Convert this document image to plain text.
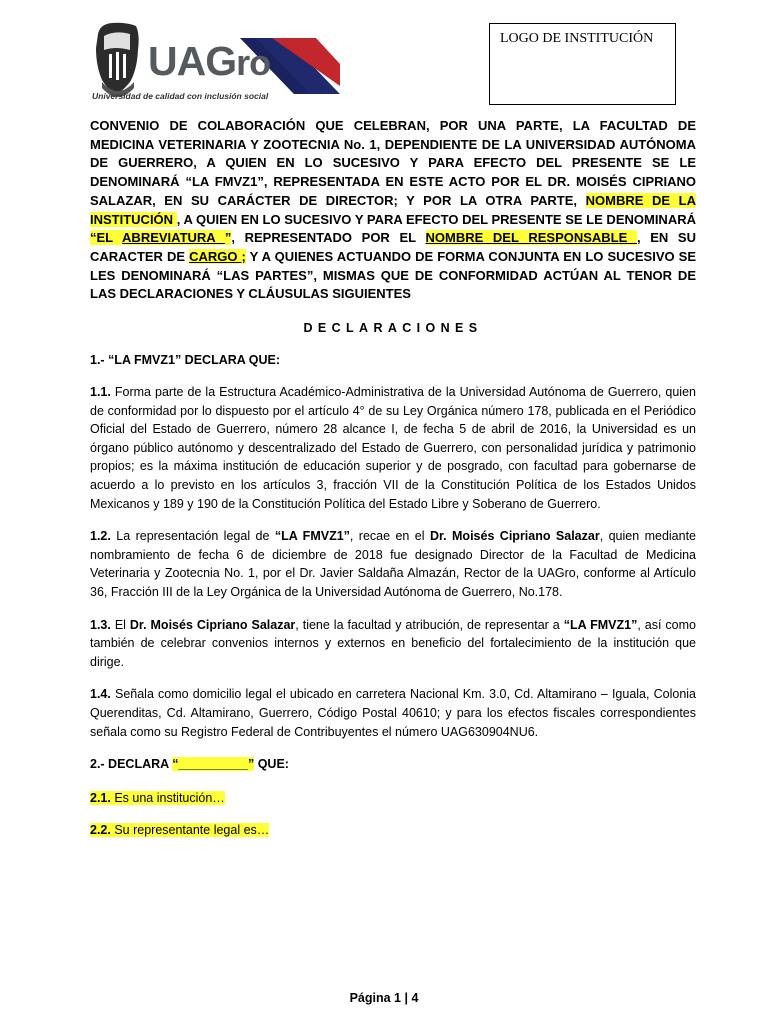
UAGro
Universidad de calidad con inclusión social
LOGO DE INSTITUCIÓN

CONVENIO DE COLABORACIÓN QUE CELEBRAN, POR UNA PARTE, LA FACULTAD DE MEDICINA VETERINARIA Y ZOOTECNIA No. 1, DEPENDIENTE DE LA UNIVERSIDAD AUTÓNOMA DE GUERRERO, A QUIEN EN LO SUCESIVO Y PARA EFECTO DEL PRESENTE SE LE DENOMINARÁ “LA FMVZ1”, REPRESENTADA EN ESTE ACTO POR EL DR. MOISÉS CIPRIANO SALAZAR, EN SU CARÁCTER DE DIRECTOR; Y POR LA OTRA PARTE, NOMBRE DE LA INSTITUCIÓN , A QUIEN EN LO SUCESIVO Y PARA EFECTO DEL PRESENTE SE LE DENOMINARÁ “EL ABREVIATURA ”, REPRESENTADO POR EL NOMBRE DEL RESPONSABLE , EN SU CARACTER DE CARGO ; Y A QUIENES ACTUANDO DE FORMA CONJUNTA EN LO SUCESIVO SE LES DENOMINARÁ “LAS PARTES”, MISMAS QUE DE CONFORMIDAD ACTÚAN AL TENOR DE LAS DECLARACIONES Y CLÁUSULAS SIGUIENTES

DECLARACIONES
1.- “LA FMVZ1” DECLARA QUE:

1.1. Forma parte de la Estructura Académico-Administrativa de la Universidad Autónoma de Guerrero, quien de conformidad por lo dispuesto por el artículo 4° de su Ley Orgánica número 178, publicada en el Periódico Oficial del Estado de Guerrero, número 28 alcance I, de fecha 5 de abril de 2016, la Universidad es un órgano público autónomo y descentralizado del Estado de Guerrero, con personalidad jurídica y patrimonio propios; es la máxima institución de educación superior y de posgrado, con facultad para gobernarse de acuerdo a lo previsto en los artículos 3, fracción VII de la Constitución Política de los Estados Unidos Mexicanos y 189 y 190 de la Constitución Política del Estado Libre y Soberano de Guerrero.

1.2. La representación legal de “LA FMVZ1”, recae en el Dr. Moisés Cipriano Salazar, quien mediante nombramiento de fecha 6 de diciembre de 2018 fue designado Director de la Facultad de Medicina Veterinaria y Zootecnia No. 1, por el Dr. Javier Saldaña Almazán, Rector de la UAGro, conforme al Artículo 36, Fracción III de la Ley Orgánica de la Universidad Autónoma de Guerrero, No.178.

1.3. El Dr. Moisés Cipriano Salazar, tiene la facultad y atribución, de representar a “LA FMVZ1”, así como también de celebrar convenios internos y externos en beneficio del fortalecimiento de la institución que dirige.

1.4. Señala como domicilio legal el ubicado en carretera Nacional Km. 3.0, Cd. Altamirano – Iguala, Colonia Querenditas, Cd. Altamirano, Guerrero, Código Postal 40610; y para los efectos fiscales correspondientes señala como su Registro Federal de Contribuyentes el número UAG630904NU6.

2.- DECLARA “__________” QUE:

2.1. Es una institución…

2.2. Su representante legal es…

Página 1 | 4
